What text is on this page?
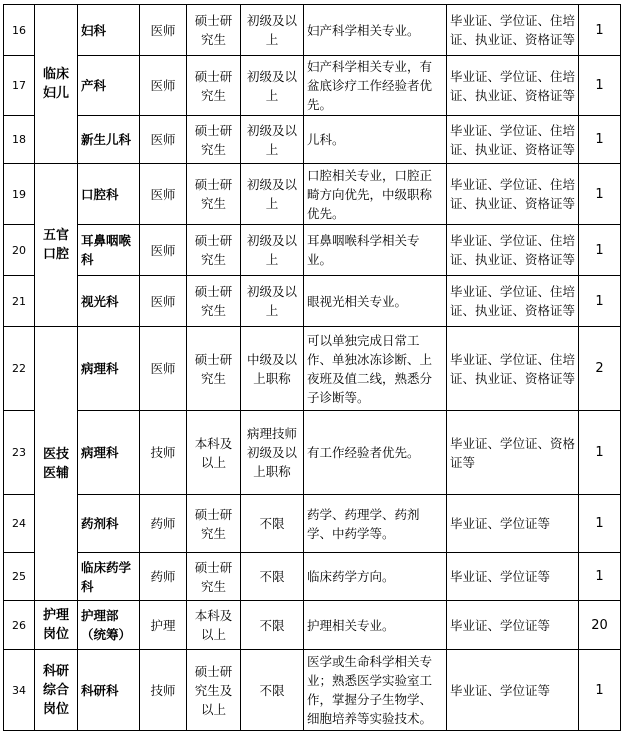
16	临床妇儿	妇科	医师	硕士研究生	初级及以上	妇产科学相关专业。	毕业证、学位证、住培证、执业证、资格证等	1
17		产科	医师	硕士研究生	初级及以上	妇产科学相关专业，有盆底诊疗工作经验者优先。	毕业证、学位证、住培证、执业证、资格证等	1
18		新生儿科	医师	硕士研究生	初级及以上	儿科。	毕业证、学位证、住培证、执业证、资格证等	1
19	五官口腔	口腔科	医师	硕士研究生	初级及以上	口腔相关专业，口腔正畸方向优先，中级职称优先。	毕业证、学位证、住培证、执业证、资格证等	1
20		耳鼻咽喉科	医师	硕士研究生	初级及以上	耳鼻咽喉科学相关专业。	毕业证、学位证、住培证、执业证、资格证等	1
21		视光科	医师	硕士研究生	初级及以上	眼视光相关专业。	毕业证、学位证、住培证、执业证、资格证等	1
22	医技医辅	病理科	医师	硕士研究生	中级及以上职称	可以单独完成日常工作、单独冰冻诊断、上夜班及值二线，熟悉分子诊断等。	毕业证、学位证、住培证、执业证、资格证等	2
23		病理科	技师	本科及以上	病理技师初级及以上职称	有工作经验者优先。	毕业证、学位证、资格证等	1
24		药剂科	药师	硕士研究生	不限	药学、药理学、药剂学、中药学等。	毕业证、学位证等	1
25		临床药学科	药师	硕士研究生	不限	临床药学方向。	毕业证、学位证等	1
26	护理岗位	护理部（统筹）	护理	本科及以上	不限	护理相关专业。	毕业证、学位证等	20
34	科研综合岗位	科研科	技师	硕士研究生及以上	不限	医学或生命科学相关专业；熟悉医学实验室工作，掌握分子生物学、细胞培养等实验技术。	毕业证、学位证等	1
